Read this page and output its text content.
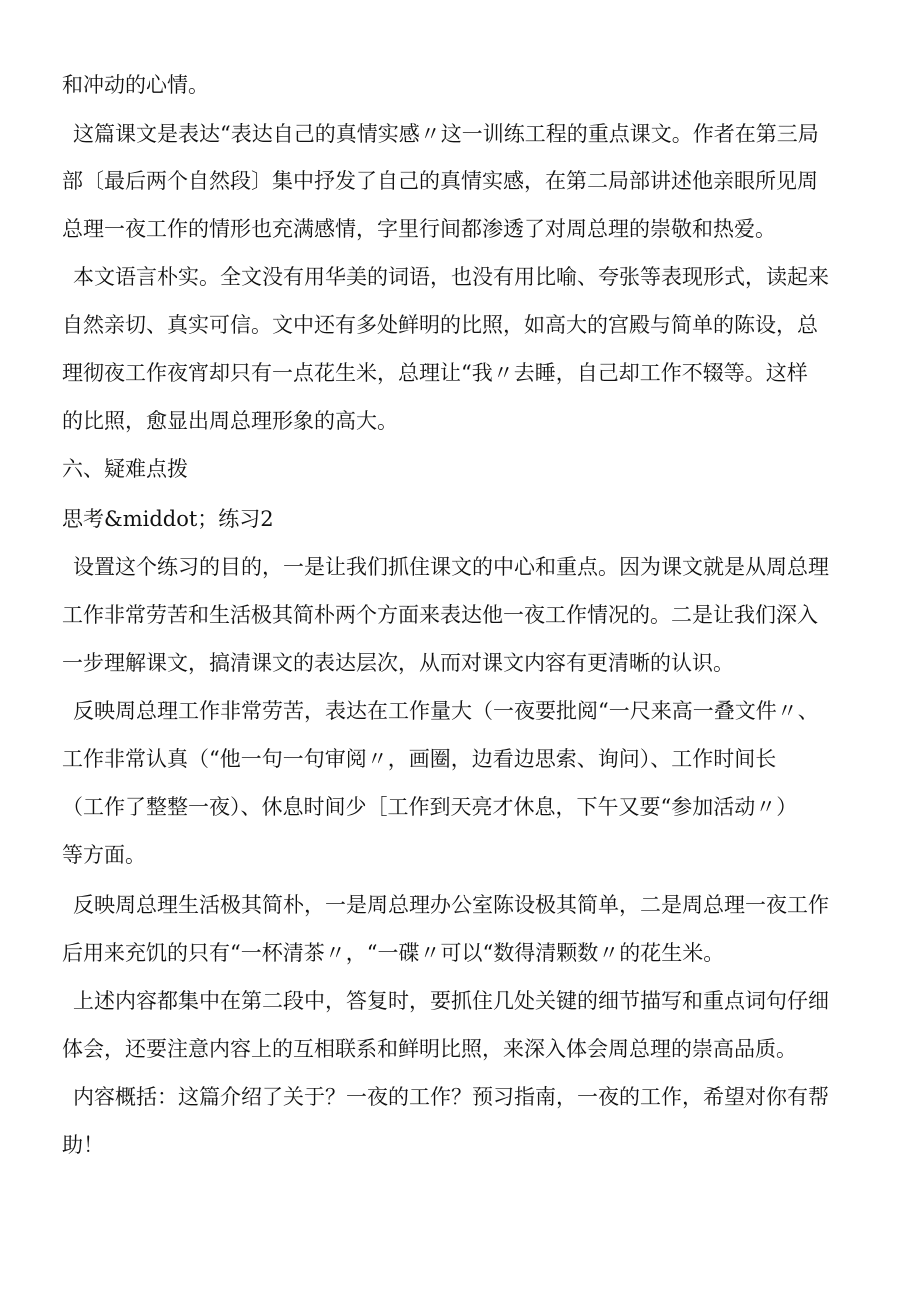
和冲动的心情。
这篇课文是表达“表达自己的真情实感〃这一训练工程的重点课文。作者在第三局
部〔最后两个自然段〕集中抒发了自己的真情实感，在第二局部讲述他亲眼所见周
总理一夜工作的情形也充满感情，字里行间都渗透了对周总理的崇敬和热爱。
本文语言朴实。全文没有用华美的词语，也没有用比喻、夸张等表现形式，读起来
自然亲切、真实可信。文中还有多处鲜明的比照，如高大的宫殿与简单的陈设，总
理彻夜工作夜宵却只有一点花生米，总理让“我〃去睡，自己却工作不辍等。这样
的比照，愈显出周总理形象的高大。
六、疑难点拨
思考&middot；练习2
设置这个练习的目的，一是让我们抓住课文的中心和重点。因为课文就是从周总理
工作非常劳苦和生活极其简朴两个方面来表达他一夜工作情况的。二是让我们深入
一步理解课文，搞清课文的表达层次，从而对课文内容有更清晰的认识。
反映周总理工作非常劳苦，表达在工作量大（一夜要批阅“一尺来高一叠文件〃、
工作非常认真（“他一句一句审阅〃，画圈，边看边思索、询问）、工作时间长
（工作了整整一夜）、休息时间少［工作到天亮才休息，下午又要“参加活动〃）
等方面。
反映周总理生活极其简朴，一是周总理办公室陈设极其简单，二是周总理一夜工作
后用来充饥的只有“一杯清茶〃，“一碟〃可以“数得清颗数〃的花生米。
上述内容都集中在第二段中，答复时，要抓住几处关键的细节描写和重点词句仔细
体会，还要注意内容上的互相联系和鲜明比照，来深入体会周总理的崇高品质。
内容概括：这篇介绍了关于？一夜的工作？预习指南，一夜的工作，希望对你有帮
助！
